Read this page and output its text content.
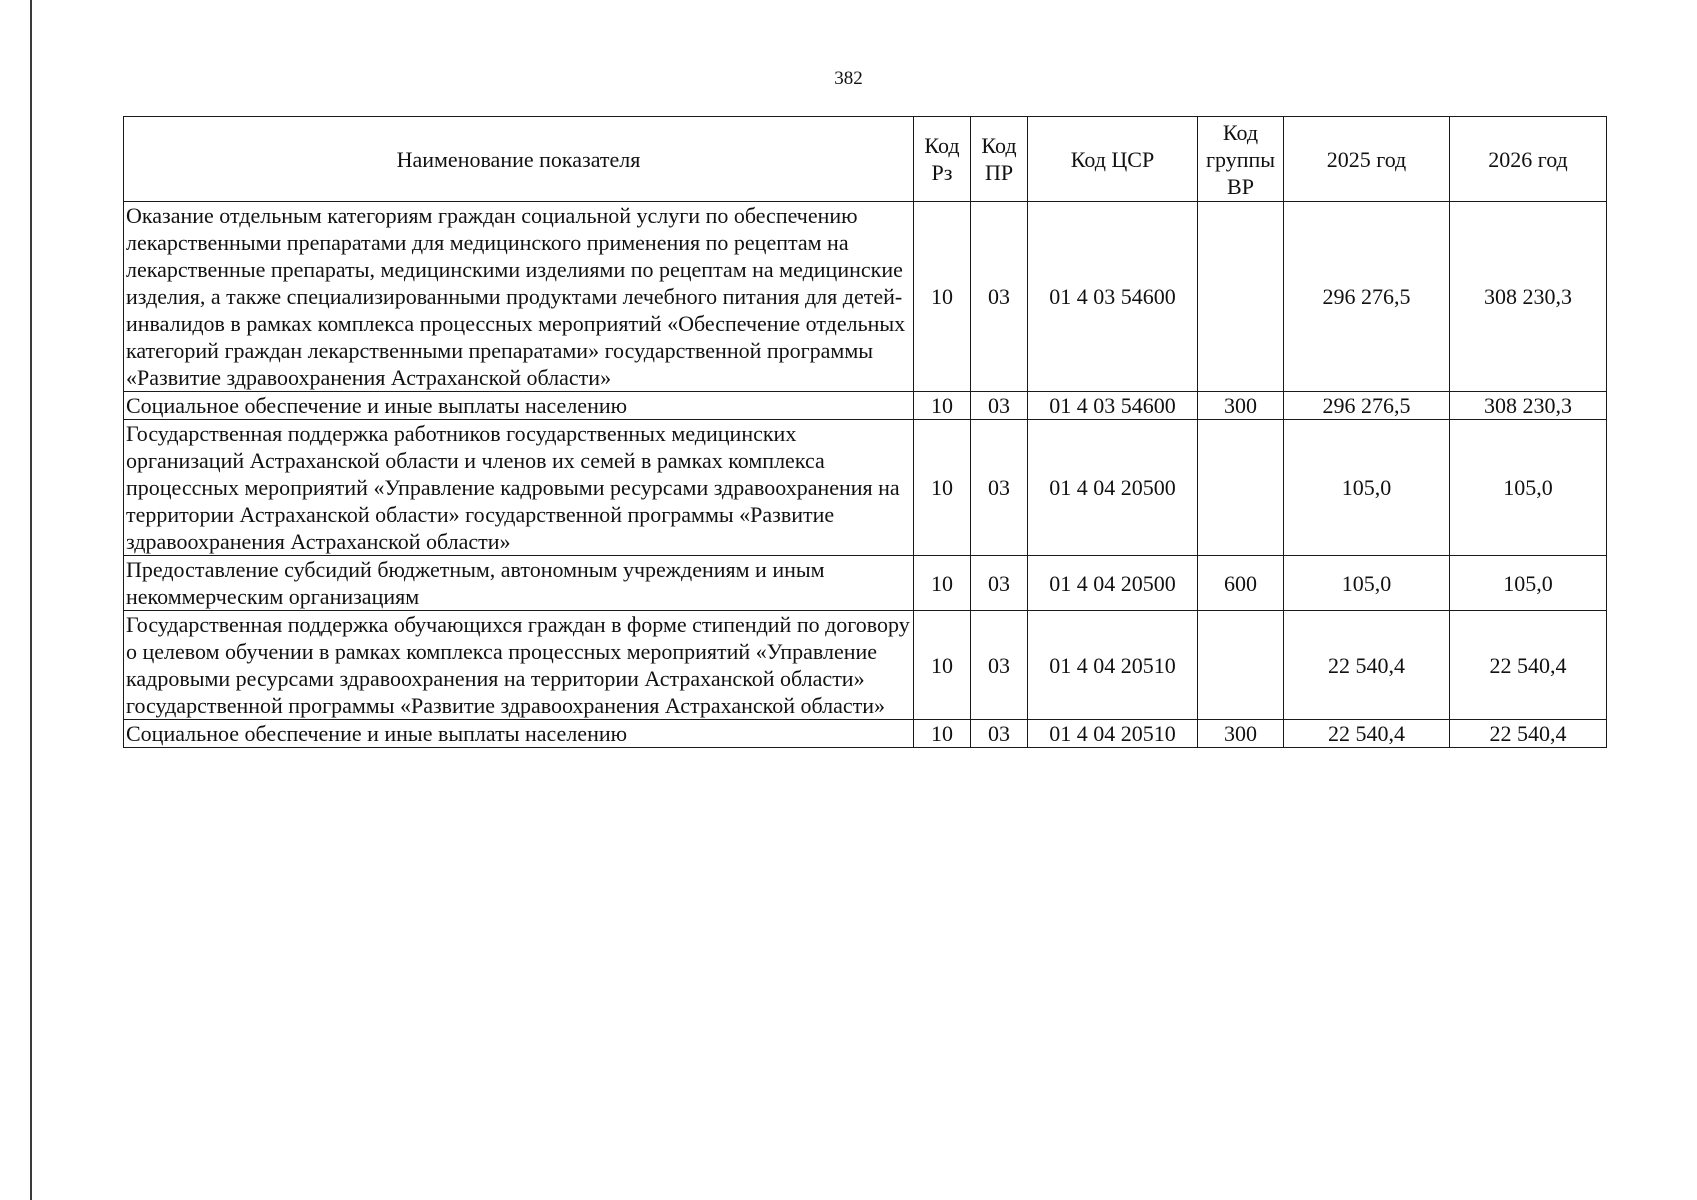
382
Наименование показателя	Код Рз	Код ПР	Код ЦСР	Код группы ВР	2025 год	2026 год
Оказание отдельным категориям граждан социальной услуги по обеспечению лекарственными препаратами для медицинского применения по рецептам на лекарственные препараты, медицинскими изделиями по рецептам на медицинские изделия, а также специализированными продуктами лечебного питания для детей-инвалидов в рамках комплекса процессных мероприятий «Обеспечение отдельных категорий граждан лекарственными препаратами» государственной программы «Развитие здравоохранения Астраханской области»	10	03	01 4 03 54600		296 276,5	308 230,3
Социальное обеспечение и иные выплаты населению	10	03	01 4 03 54600	300	296 276,5	308 230,3
Государственная поддержка работников государственных медицинских организаций Астраханской области и членов их семей в рамках комплекса процессных мероприятий «Управление кадровыми ресурсами здравоохранения на территории Астраханской области» государственной программы «Развитие здравоохранения Астраханской области»	10	03	01 4 04 20500		105,0	105,0
Предоставление субсидий бюджетным, автономным учреждениям и иным некоммерческим организациям	10	03	01 4 04 20500	600	105,0	105,0
Государственная поддержка обучающихся граждан в форме стипендий по договору о целевом обучении в рамках комплекса процессных мероприятий «Управление кадровыми ресурсами здравоохранения на территории Астраханской области» государственной программы «Развитие здравоохранения Астраханской области»	10	03	01 4 04 20510		22 540,4	22 540,4
Социальное обеспечение и иные выплаты населению	10	03	01 4 04 20510	300	22 540,4	22 540,4
